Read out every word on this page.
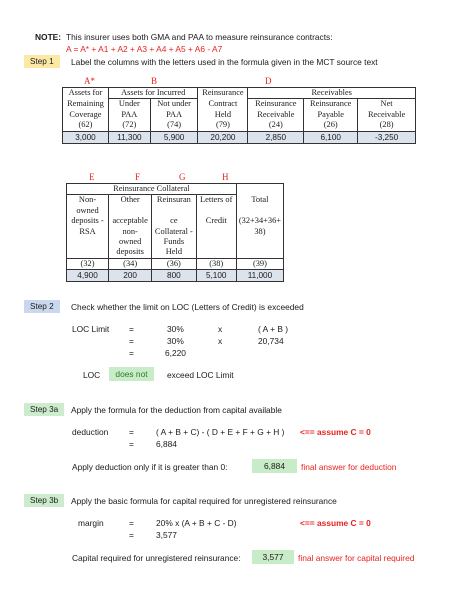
NOTE: This insurer uses both GMA and PAA to measure reinsurance contracts:
A = A* + A1 + A2 + A3 + A4 + A5 + A6 - A7
Step 1	Label the columns with the letters used in the formula given in the MCT source text
A*	B	D
Assets for	Assets for Incurred		Reinsurance	Receivables		
Remaining	Under	Not under	Contract	Reinsurance	Reinsurance	Net
Coverage	PAA	PAA	Held	Receivable	Payable	Receivable
(62)	(72)	(74)	(79)	(24)	(26)	(28)
3,000	11,300	5,900	20,200	2,850	6,100	-3,250
E	F	G	H
Reinsurance Collateral				
Non-owned	Other	Reinsuran	Letters of	Total
deposits -	acceptable	ce	Credit	(32+34+36+
RSA	non-	Collateral -		38)
	owned	Funds		
	deposits	Held		
(32)	(34)	(36)	(38)	(39)
4,900	200	800	5,100	11,000
Step 2	Check whether the limit on LOC (Letters of Credit) is exceeded
LOC Limit =	30%	x	( A + B )
=	30%	x	20,734
=	6,220
LOC	does not	exceed LOC Limit
Step 3a	Apply the formula for the deduction from capital available
deduction =	( A + B + C) - ( D + E + F + G + H ) <== assume C = 0
=	6,884
Apply deduction only if it is greater than 0:	6,884	final answer for deduction
Step 3b	Apply the basic formula for capital required for unregistered reinsurance
margin	=	20% x (A + B + C - D)	<== assume C = 0
=	3,577
Capital required for unregistered reinsurance:	3,577	final answer for capital required
